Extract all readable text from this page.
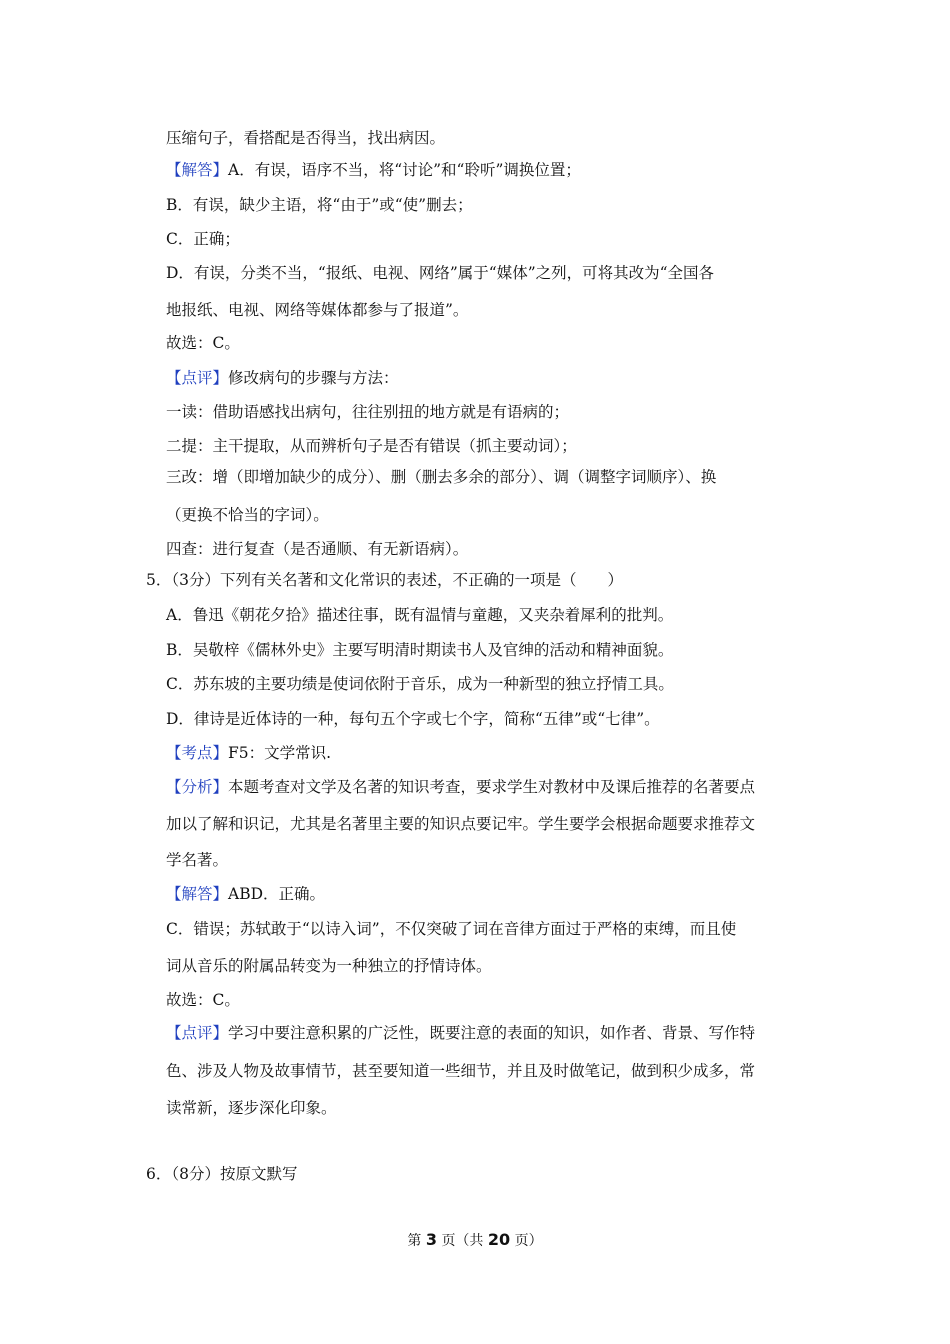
压缩句子，看搭配是否得当，找出病因。
【解答】A．有误，语序不当，将“讨论”和“聆听”调换位置；
B．有误，缺少主语，将“由于”或“使”删去；
C．正确；
D．有误，分类不当，“报纸、电视、网络”属于“媒体”之列，可将其改为“全国各
地报纸、电视、网络等媒体都参与了报道”。
故选：C。
【点评】修改病句的步骤与方法：
一读：借助语感找出病句，往往别扭的地方就是有语病的；
二提：主干提取，从而辨析句子是否有错误（抓主要动词）；
三改：增（即增加缺少的成分）、删（删去多余的部分）、调（调整字词顺序）、换
（更换不恰当的字词）。
四查：进行复查（是否通顺、有无新语病）。
5．（3分）下列有关名著和文化常识的表述，不正确的一项是（　　）
A．鲁迅《朝花夕拾》描述往事，既有温情与童趣，又夹杂着犀利的批判。
B．吴敬梓《儒林外史》主要写明清时期读书人及官绅的活动和精神面貌。
C．苏东坡的主要功绩是使词依附于音乐，成为一种新型的独立抒情工具。
D．律诗是近体诗的一种，每句五个字或七个字，简称“五律”或“七律”。
【考点】F5：文学常识.
【分析】本题考查对文学及名著的知识考查，要求学生对教材中及课后推荐的名著要点
加以了解和识记，尤其是名著里主要的知识点要记牢。学生要学会根据命题要求推荐文
学名著。
【解答】ABD．正确。
C．错误；苏轼敢于“以诗入词”，不仅突破了词在音律方面过于严格的束缚，而且使
词从音乐的附属品转变为一种独立的抒情诗体。
故选：C。
【点评】学习中要注意积累的广泛性，既要注意的表面的知识，如作者、背景、写作特
色、涉及人物及故事情节，甚至要知道一些细节，并且及时做笔记，做到积少成多，常
读常新，逐步深化印象。
6．（8分）按原文默写
第 3 页（共 20 页）
